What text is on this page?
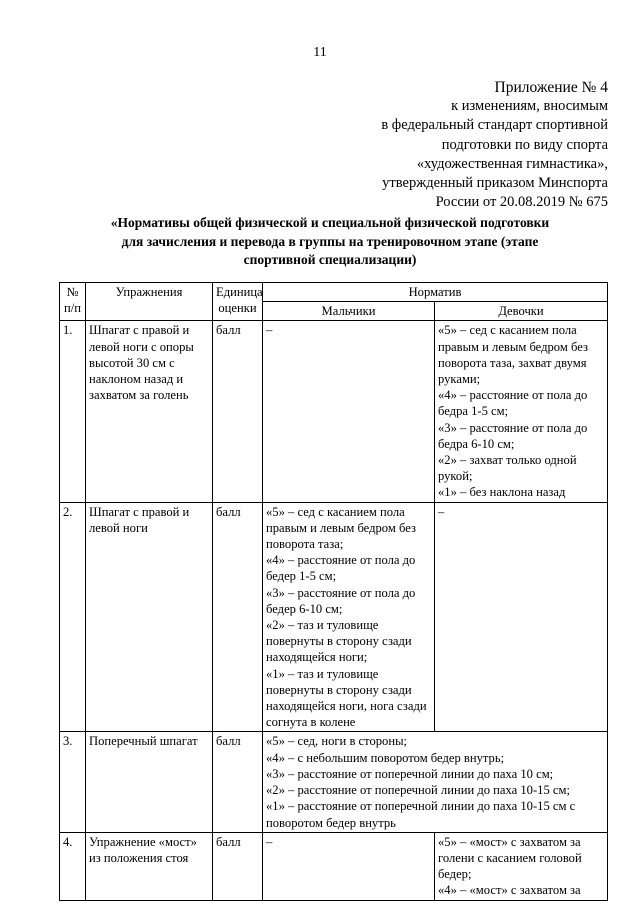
11
Приложение № 4
к изменениям, вносимым
в федеральный стандарт спортивной
подготовки по виду спорта
«художественная гимнастика»,
утвержденный приказом Минспорта
России от 20.08.2019 № 675
«Нормативы общей физической и специальной физической подготовки
для зачисления и перевода в группы на тренировочном этапе (этапе
спортивной специализации)
№ п/п	Упражнения	Единица оценки	Норматив	
			Мальчики	Девочки
1.	Шпагат с правой и левой ноги с опоры высотой 30 см с наклоном назад и захватом за голень	балл	–	«5» – сед с касанием пола правым и левым бедром без поворота таза, захват двумя руками;
«4» – расстояние от пола до бедра 1-5 см;
«3» – расстояние от пола до бедра 6-10 см;
«2» – захват только одной рукой;
«1» – без наклона назад

2.	Шпагат с правой и левой ноги	балл	«5» – сед с касанием пола правым и левым бедром без поворота таза;
«4» – расстояние от пола до бедер 1-5 см;
«3» – расстояние от пола до бедер 6-10 см;
«2» – таз и туловище повернуты в сторону сзади находящейся ноги;
«1» – таз и туловище повернуты в сторону сзади находящейся ноги, нога сзади согнута в колене	–
3.	Поперечный шпагат	балл	«5» – сед, ноги в стороны;
«4» – с небольшим поворотом бедер внутрь;
«3» – расстояние от поперечной линии до паха 10 см;
«2» – расстояние от поперечной линии до паха 10-15 см;
«1» – расстояние от поперечной линии до паха 10-15 см с поворотом бедер внутрь	

4.	Упражнение «мост» из положения стоя	балл	–	«5» – «мост» с захватом за голени с касанием головой бедер;
«4» – «мост» с захватом за
